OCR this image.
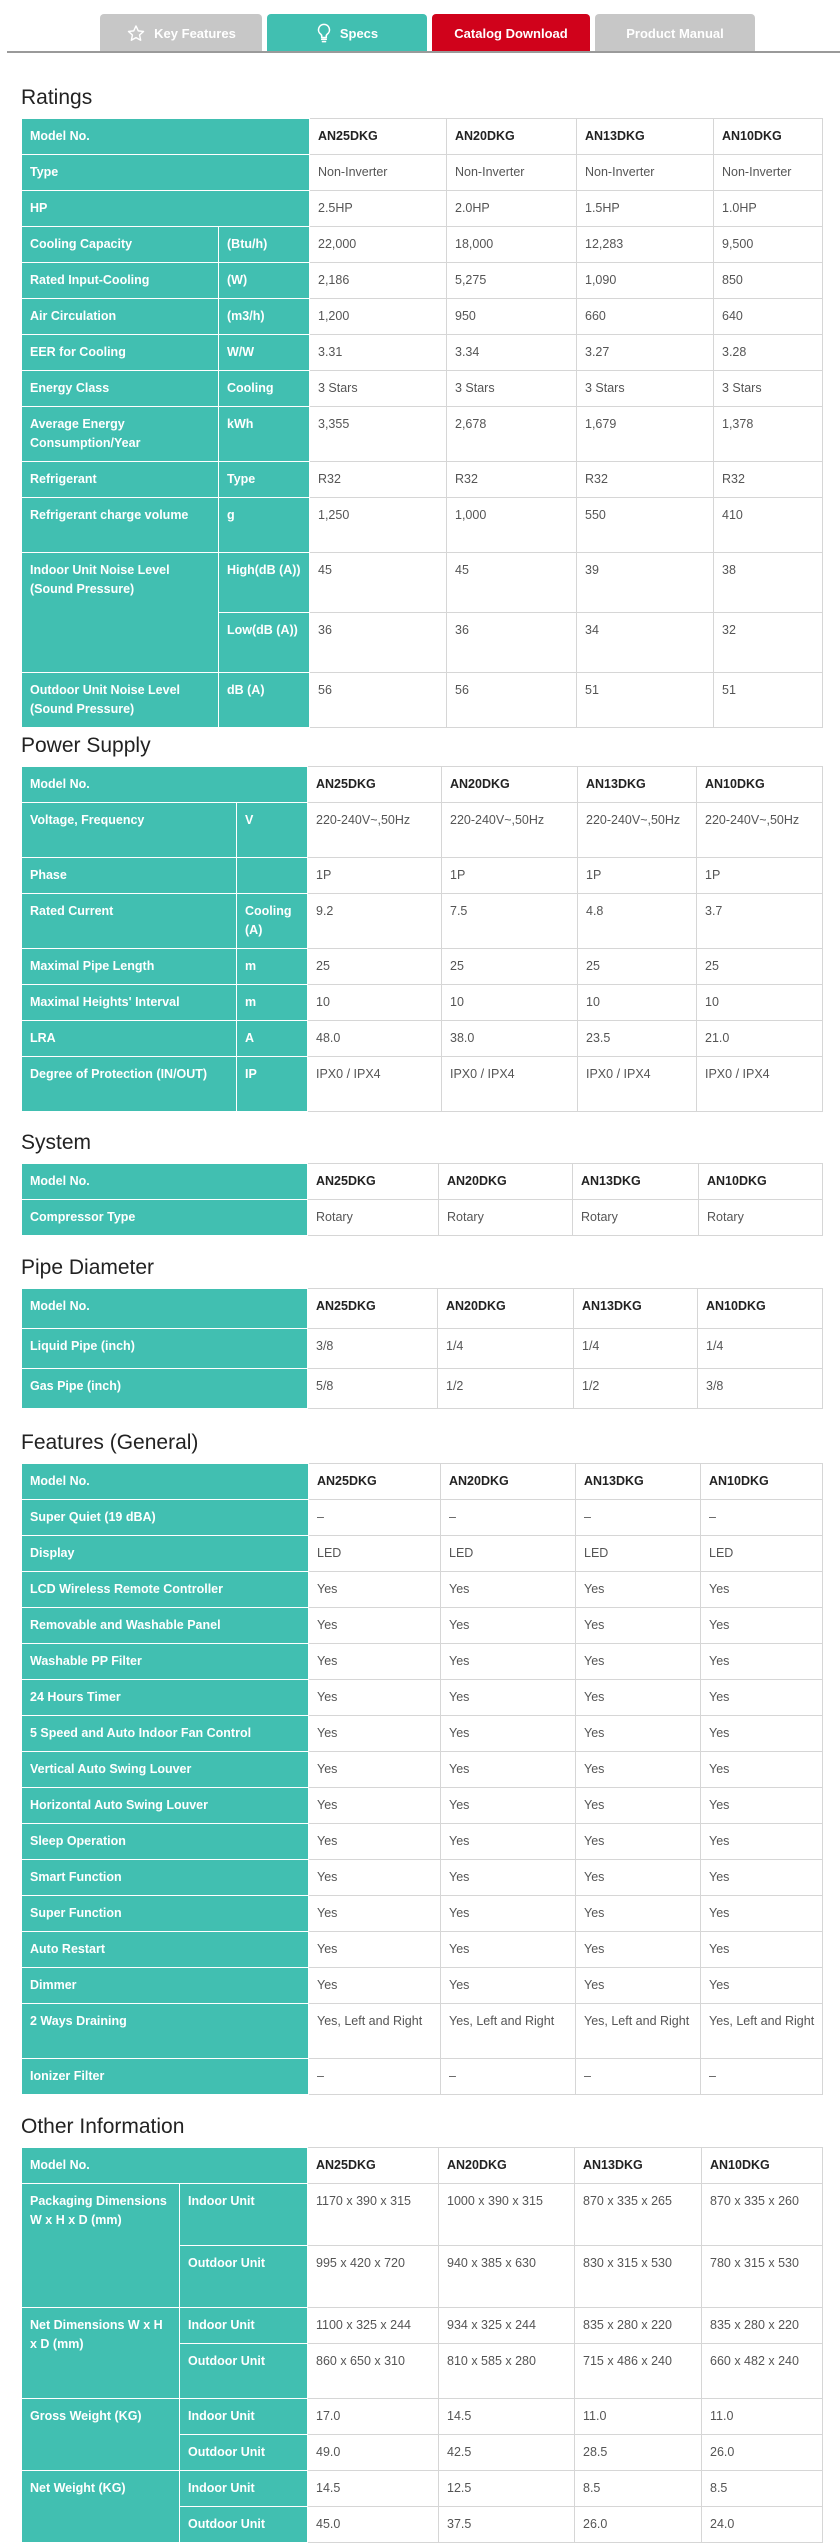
Key Features	Specs	Catalog Download	Product Manual
Ratings
Model No.		AN25DKG	AN20DKG	AN13DKG	AN10DKG
Type		Non-Inverter	Non-Inverter	Non-Inverter	Non-Inverter
HP		2.5HP	2.0HP	1.5HP	1.0HP
Cooling Capacity	(Btu/h)	22,000	18,000	12,283	9,500
Rated Input-Cooling	(W)	2,186	5,275	1,090	850
Air Circulation	(m3/h)	1,200	950	660	640
EER for Cooling	W/W	3.31	3.34	3.27	3.28
Energy Class	Cooling	3 Stars	3 Stars	3 Stars	3 Stars
Average Energy Consumption/Year	kWh	3,355	2,678	1,679	1,378
Refrigerant	Type	R32	R32	R32	R32
Refrigerant charge volume	g	1,250	1,000	550	410
Indoor Unit Noise Level (Sound Pressure)	High(dB (A))	45	45	39	38
	Low(dB (A))	36	36	34	32
Outdoor Unit Noise Level (Sound Pressure)	dB (A)	56	56	51	51
Power Supply
Model No.		AN25DKG	AN20DKG	AN13DKG	AN10DKG
Voltage, Frequency	V	220-240V~,50Hz	220-240V~,50Hz	220-240V~,50Hz	220-240V~,50Hz
Phase		1P	1P	1P	1P
Rated Current	Cooling (A)	9.2	7.5	4.8	3.7
Maximal Pipe Length	m	25	25	25	25
Maximal Heights' Interval	m	10	10	10	10
LRA	A	48.0	38.0	23.5	21.0
Degree of Protection (IN/OUT)	IP	IPX0 / IPX4	IPX0 / IPX4	IPX0 / IPX4	IPX0 / IPX4
System
Model No.	AN25DKG	AN20DKG	AN13DKG	AN10DKG
Compressor Type	Rotary	Rotary	Rotary	Rotary
Pipe Diameter
Model No.	AN25DKG	AN20DKG	AN13DKG	AN10DKG
Liquid Pipe (inch)	3/8	1/4	1/4	1/4
Gas Pipe (inch)	5/8	1/2	1/2	3/8
Features (General)
Model No.	AN25DKG	AN20DKG	AN13DKG	AN10DKG
Super Quiet (19 dBA)	–	–	–	–
Display	LED	LED	LED	LED
LCD Wireless Remote Controller	Yes	Yes	Yes	Yes
Removable and Washable Panel	Yes	Yes	Yes	Yes
Washable PP Filter	Yes	Yes	Yes	Yes
24 Hours Timer	Yes	Yes	Yes	Yes
5 Speed and Auto Indoor Fan Control	Yes	Yes	Yes	Yes
Vertical Auto Swing Louver	Yes	Yes	Yes	Yes
Horizontal Auto Swing Louver	Yes	Yes	Yes	Yes
Sleep Operation	Yes	Yes	Yes	Yes
Smart Function	Yes	Yes	Yes	Yes
Super Function	Yes	Yes	Yes	Yes
Auto Restart	Yes	Yes	Yes	Yes
Dimmer	Yes	Yes	Yes	Yes
2 Ways Draining	Yes, Left and Right	Yes, Left and Right	Yes, Left and Right	Yes, Left and Right
Ionizer Filter	–	–	–	–
Other Information
Model No.		AN25DKG	AN20DKG	AN13DKG	AN10DKG
Packaging Dimensions W x H x D (mm)	Indoor Unit	1170 x 390 x 315	1000 x 390 x 315	870 x 335 x 265	870 x 335 x 260
	Outdoor Unit	995 x 420 x 720	940 x 385 x 630	830 x 315 x 530	780 x 315 x 530
Net Dimensions W x H x D (mm)	Indoor Unit	1100 x 325 x 244	934 x 325 x 244	835 x 280 x 220	835 x 280 x 220
	Outdoor Unit	860 x 650 x 310	810 x 585 x 280	715 x 486 x 240	660 x 482 x 240
Gross Weight (KG)	Indoor Unit	17.0	14.5	11.0	11.0
	Outdoor Unit	49.0	42.5	28.5	26.0
Net Weight (KG)	Indoor Unit	14.5	12.5	8.5	8.5
	Outdoor Unit	45.0	37.5	26.0	24.0
